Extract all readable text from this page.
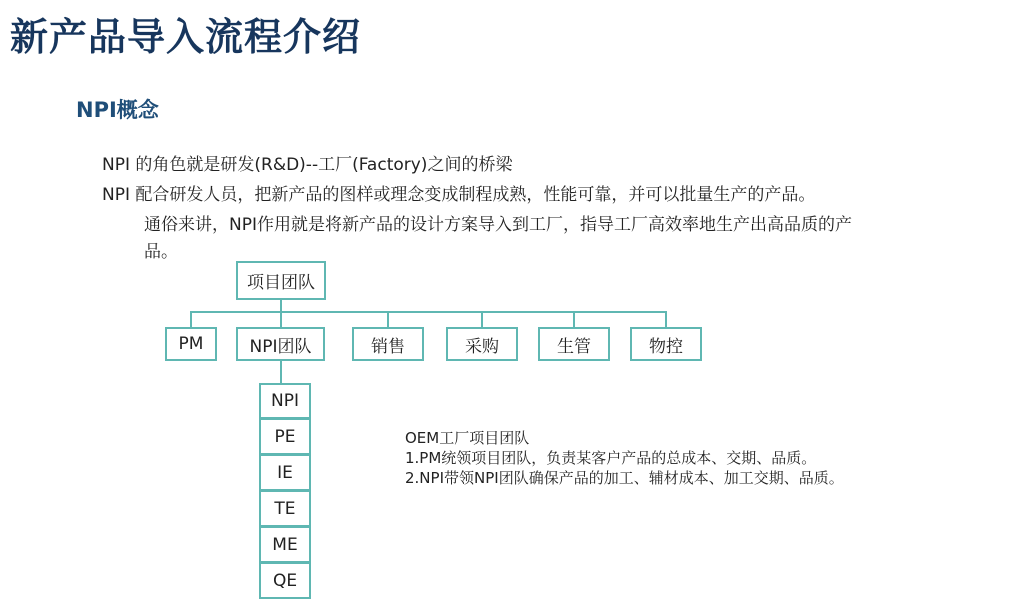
新产品导入流程介绍
NPI概念

NPI 的角色就是研发(R&D)--工厂(Factory)之间的桥梁

NPI 配合研发人员，把新产品的图样或理念变成制程成熟，性能可靠，并可以批量生产的产品。

通俗来讲，NPI作用就是将新产品的设计方案导入到工厂，指导工厂高效率地生产出高品质的产

品。

项目团队
PM	NPI团队	销售	采购	生管	物控
NPI
PE
IE
TE
ME
QE
OEM工厂项目团队
1.PM统领项目团队，负责某客户产品的总成本、交期、品质。
2.NPI带领NPI团队确保产品的加工、辅材成本、加工交期、品质。
